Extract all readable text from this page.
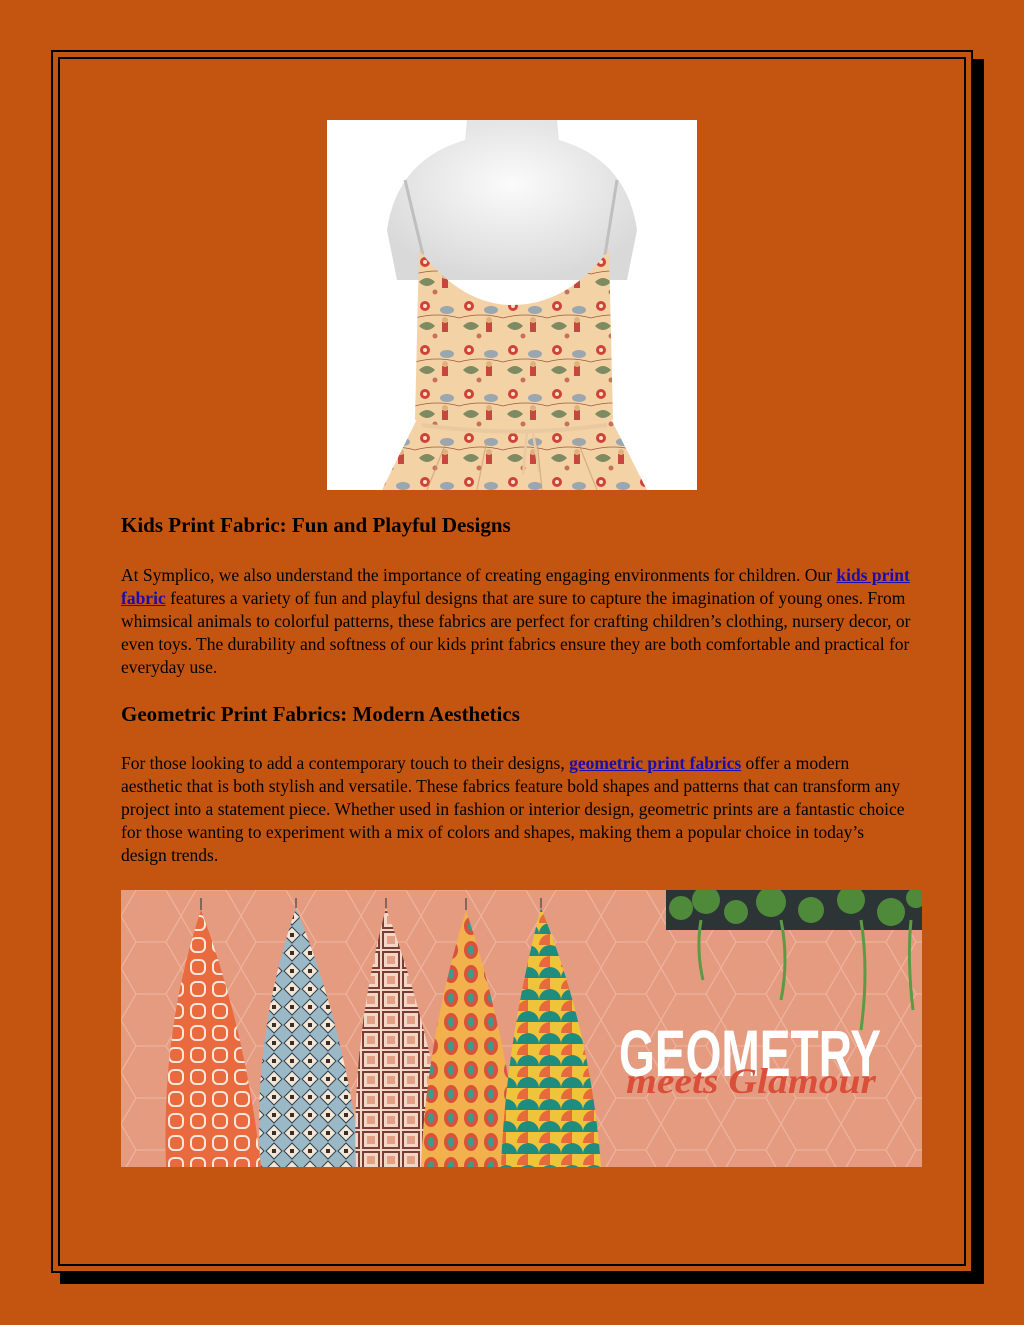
Kids Print Fabric: Fun and Playful Designs

At Symplico, we also understand the importance of creating engaging environments for children. Our kids print fabric features a variety of fun and playful designs that are sure to capture the imagination of young ones. From whimsical animals to colorful patterns, these fabrics are perfect for crafting children’s clothing, nursery decor, or even toys. The durability and softness of our kids print fabrics ensure they are both comfortable and practical for everyday use.

Geometric Print Fabrics: Modern Aesthetics

For those looking to add a contemporary touch to their designs, geometric print fabrics offer a modern aesthetic that is both stylish and versatile. These fabrics feature bold shapes and patterns that can transform any project into a statement piece. Whether used in fashion or interior design, geometric prints are a fantastic choice for those wanting to experiment with a mix of colors and shapes, making them a popular choice in today’s design trends.

GEOMETRY
meets Glamour
